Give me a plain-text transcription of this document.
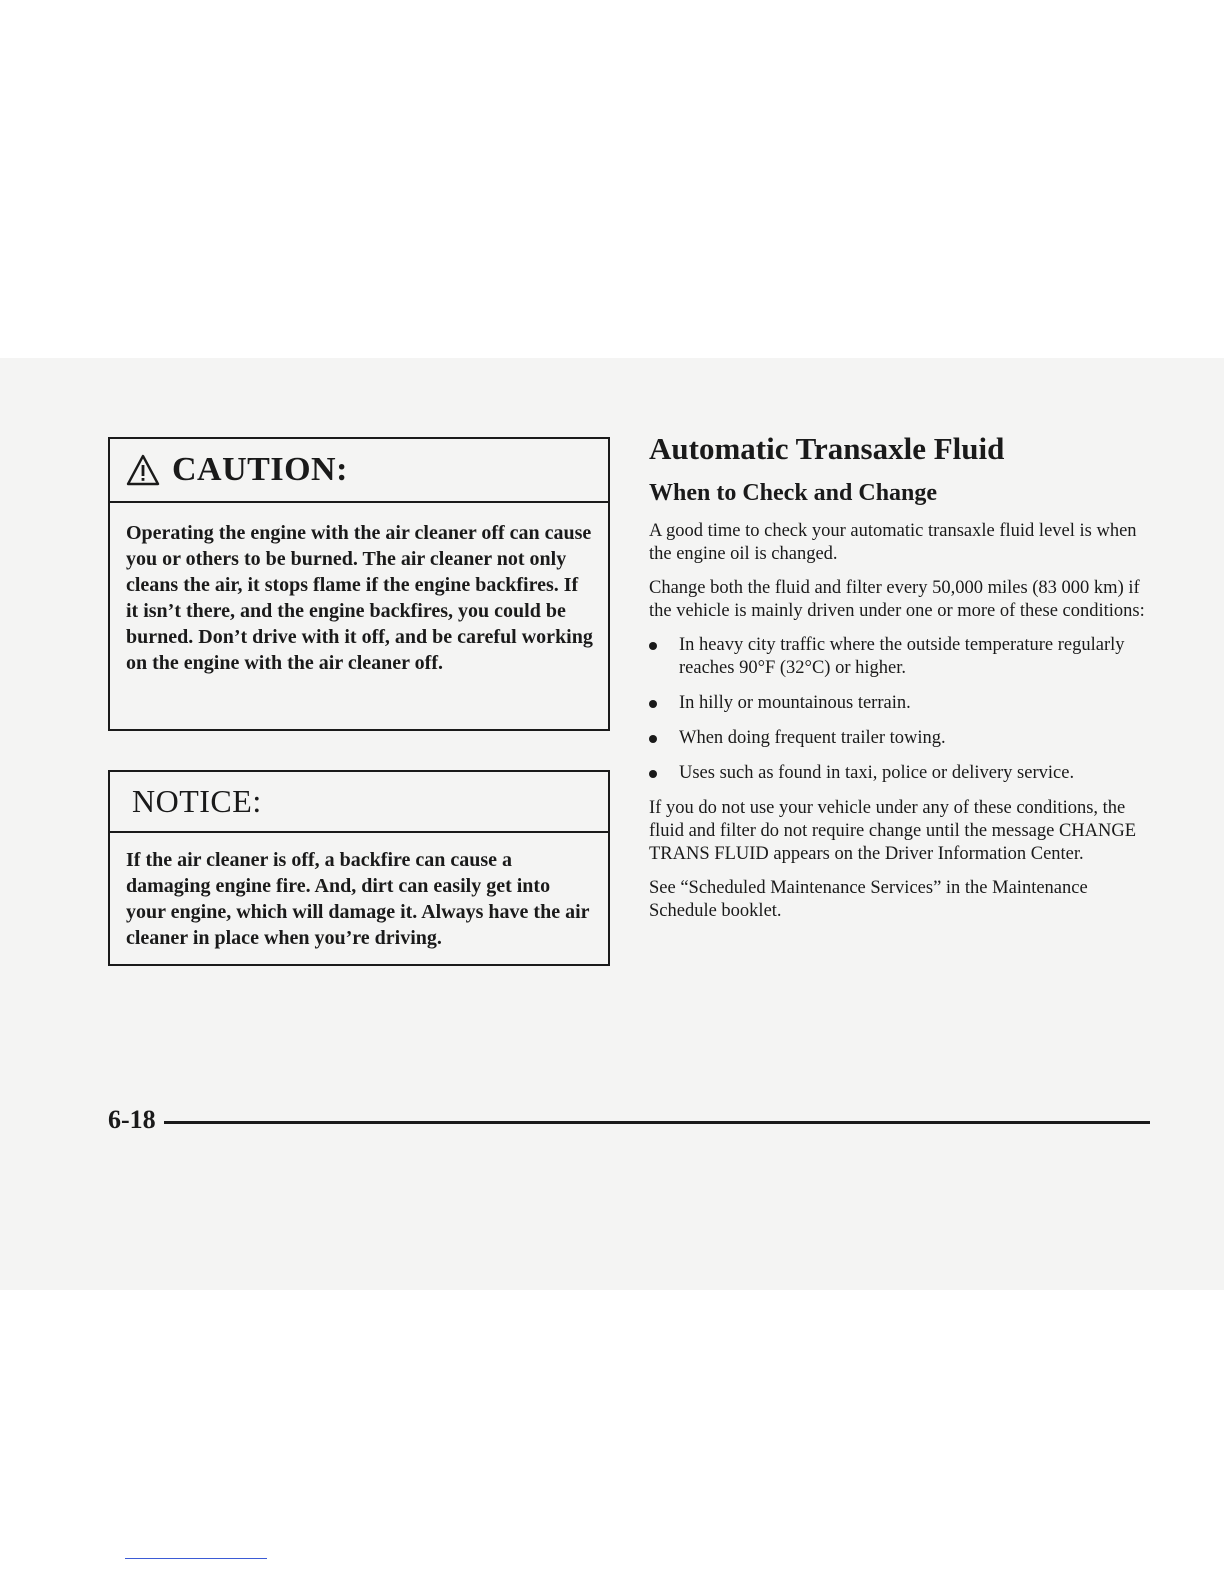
CAUTION:
Operating the engine with the air cleaner off can cause you or others to be burned. The air cleaner not only cleans the air, it stops flame if the engine backfires. If it isn’t there, and the engine backfires, you could be burned. Don’t drive with it off, and be careful working on the engine with the air cleaner off.
NOTICE:
If the air cleaner is off, a backfire can cause a damaging engine fire. And, dirt can easily get into your engine, which will damage it. Always have the air cleaner in place when you’re driving.
Automatic Transaxle Fluid
When to Check and Change

A good time to check your automatic transaxle fluid level is when the engine oil is changed.

Change both the fluid and filter every 50,000 miles (83 000 km) if the vehicle is mainly driven under one or more of these conditions:

In heavy city traffic where the outside temperature regularly reaches 90°F (32°C) or higher.
In hilly or mountainous terrain.
When doing frequent trailer towing.
Uses such as found in taxi, police or delivery service.

If you do not use your vehicle under any of these conditions, the fluid and filter do not require change until the message CHANGE TRANS FLUID appears on the Driver Information Center.

See “Scheduled Maintenance Services” in the Maintenance Schedule booklet.

6-18
